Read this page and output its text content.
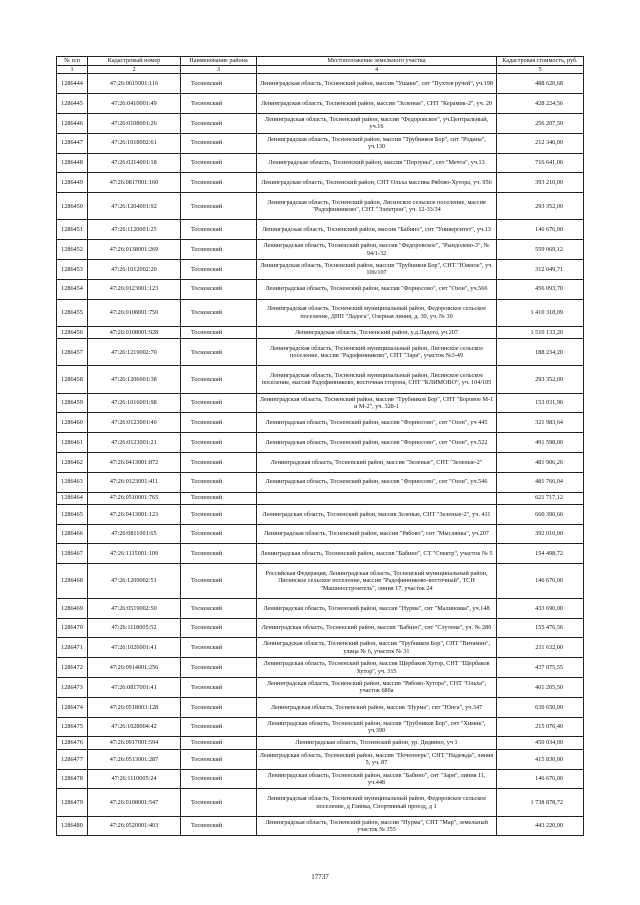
№ п/п	Кадастровый номер	Наименование района	Местоположение земельного участка	Кадастровая стоимость, руб.
1	2	3	4	5
1286444	47:26:0615001:116	Тосненский	Ленинградская область, Тосненский район, массив "Ушаки", снт "Пухтов ручей", уч.198	488 620,68
1286445	47:26:0410001:49	Тосненский	Ленинградская область, Тосненский район, массив "Зеленые", СНТ "Керамик-2", уч. 20	428 224,56
1286446	47:26:0108001:26	Тосненский	Ленинградская область, Тосненский район, массив "Федоровское", уч.Центральный, уч.16	256 207,50
1286447	47:26:1018002:61	Тосненский	Ленинградская область, Тосненский район, массив "Трубников Бор", снт "Родина", уч.130	212 346,00
1286448	47:26:0214001:18	Тосненский	Ленинградская область, Тосненский район, массив "Порзуны", снт "Мечта", уч.13	716 641,06
1286449	47:26:0817001:160	Тосненский	Ленинградская область, Тосненский район, СНТ Ольха массива Рябово-Хутора, уч. 956	393 210,00
1286450	47:26:1204001:92	Тосненский	Ленинградская область, Тосненский район, Лисинское сельское поселение, массив "Радофинниково", СНТ "Электрон", уч. 12-33/34	293 352,00
1286451	47:26:1120001:25	Тосненский	Ленинградская область, Тосненский район, массив "Бабино", снт "Университет", уч.13	146 676,00
1286452	47:26:0138001:269	Тосненский	Ленинградская область, Тосненский район, массив "Федоровское", "Рындолево-3", № 94/1-32	559 069,12
1286453	47:26:1012002:20	Тосненский	Ленинградская область, Тосненский район, массив "Трубников Бор", СНТ "Южное", уч. 106/107	312 049,71
1286454	47:26:0123001:123	Тосненский	Ленинградская область, Тосненский район, массив "Форносово", снт "Озон", уч.566	456 093,70
1286455	47:26:0108001:750	Тосненский	Ленинградская область, Тосненский муниципальный район, Федоровское сельское поселение, ДНП "Ладога", Озерная линия, д. 30, уч. № 30	1 410 318,09
1286456	47:26:0108001:928	Тосненский	Ленинградская область, Тосненский район, у.д.Ладога, уч.207	1 510 133,20
1286457	47:26:1219002:70	Тосненский	Ленинградская область, Тосненский муниципальный район, Лисинское сельское поселение, массив "Радофинниково", СНТ "Заря", участок №3-49	188 234,20
1286458	47:26:1206001:38	Тосненский	Ленинградская область, Тосненский муниципальный район, Лисинское сельское поселение, массив Радофинниково, восточная сторона, СНТ "КЛИМОВО", уч. 104/105	293 352,00
1286459	47:26:1016001:98	Тосненский	Ленинградская область, Тосненский район, массив "Трубников Бор", СНТ "Боровое М-1 и М-2", уч. 328-1	153 031,96
1286460	47:26:0123001:40	Тосненский	Ленинградская область, Тосненский район, массив "Форносово", снт "Озон", уч 445	321 983,64
1286461	47:26:0123001:21	Тосненский	Ленинградская область, Тосненский район, массив "Форносово", снт "Озон", уч.522	491 598,00
1286462	47:26:0413001:872	Тосненский	Ленинградская область, Тосненский район, массив "Зеленые", СНТ "Зеленые-2"	481 906,26
1286463	47:26:0123001:411	Тосненский	Ленинградская область, Тосненский район, массив "Форносово", снт "Озон", уч.546	481 766,04
1286464	47:26:0510001:765	Тосненский		621 717,12
1286465	47:26:0413001:123	Тосненский	Ленинградская область, Тосненский район, массив Зеленые, СНТ "Зеленые-2", уч. 411	660 390,66
1286466	47:26:0811001:65	Тосненский	Ленинградская область, Тосненский район, массив "Рябово", снт "Мыслянка", уч.207	392 010,00
1286467	47:26:1115001:109	Тосненский	Ленинградская область, Тосненский район, массив "Бабино", СТ "Спектр", участок № 5	154 498,72
1286468	47:26:1209002:51	Тосненский	Российская Федерация, Ленинградская область, Тосненский муниципальный район, Лисинское сельское поселение, массив "Радофинниково-восточный", ТСН "Машиностроитель", линия 17, участок 24	146 676,00
1286469	47:26:0519002:50	Тосненский	Ленинградская область, Тосненский район, массив "Нурма", снт "Малиновка", уч.148	433 690,00
1286470	47:26:1118005:52	Тосненский	Ленинградская область, Тосненский район, массив "Бабино", снт "Слутема", уч. № 280	155 476,56
1286471	47:26:1026001:41	Тосненский	Ленинградская область, Тосненский район, массив "Трубников Бор", СНТ "Витамин", улица № 6, участок № 31	211 632,00
1286472	47:26:0914001:256	Тосненский	Ленинградская область, Тосненский район, массив Щербаков Хутор, СНТ "Щербаков Хутор", уч. 315	437 075,55
1286473	47:26:0817001:41	Тосненский	Ленинградская область, Тосненский район, массив "Рябово-Хутора", СНТ "Ольха", участок 680а	401 205,50
1286474	47:26:0518003:128	Тосненский	Ленинградская область, Тосненский район, массив "Нурма", снт "Юнга", уч.347	639 650,00
1286475	47:26:1028004:42	Тосненский	Ленинградская область, Тосненский район, массив "Трубников Бор", снт "Химик", уч.390	215 076,40
1286476	47:26:0917001:594	Тосненский	Ленинградская область, Тосненский район, ур. Дидвино, уч 1	450 034,00
1286477	47:26:0513001:287	Тосненский	Ленинградская область, Тосненский район, массив "Почепнерь", СНТ "Надежда", линия 5, уч. 87	415 830,00
1286478	47:26:1110005:24	Тосненский	Ленинградская область, Тосненский район, массив "Бабино", снт "Заря", линия 11, уч.448	146 676,00
1286479	47:26:0108001:547	Тосненский	Ленинградская область, Тосненский муниципальный район, Федоровское сельское поселение, д Глинка, Спортивный проезд, д 1	1 738 878,72
1286480	47:26:0520001:403	Тосненский	Ленинградская область, Тосненский район, массив "Нурма", СНТ "Мар", земельный участок № 355	443 220,00
17737
